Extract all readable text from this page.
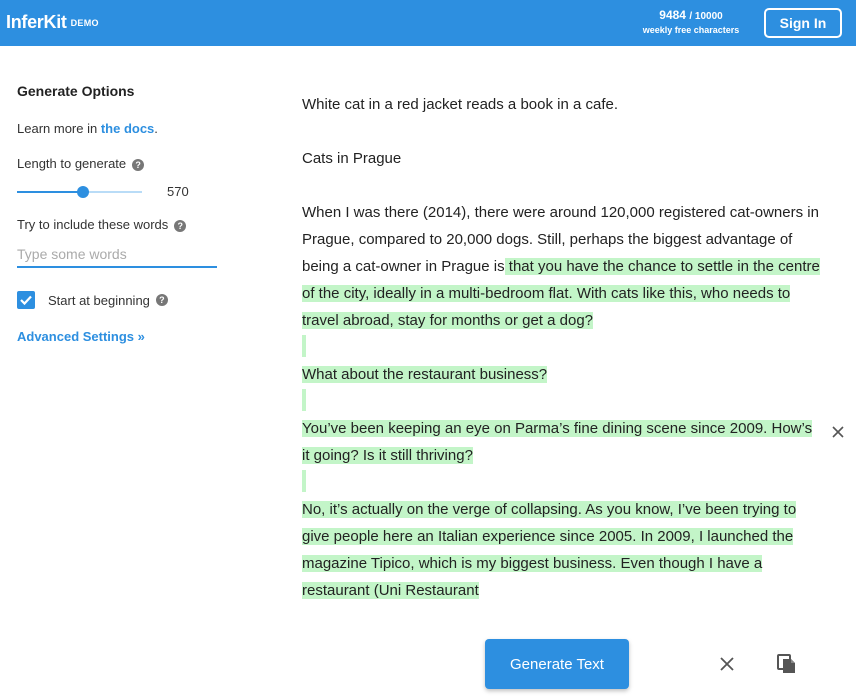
InferKit DEMO
9484 / 10000
weekly free characters	Sign In
Generate Options
Learn more in the docs.
Length to generate ?
570
Try to include these words ?
Type some words
Start at beginning	?
Advanced Settings »

White cat in a red jacket reads a book in a cafe.

Cats in Prague

When I was there (2014), there were around 120,000 registered cat-owners in Prague, compared to 20,000 dogs. Still, perhaps the biggest advantage of being a cat-owner in Prague is that you have the chance to settle in the centre of the city, ideally in a multi-bedroom flat. With cats like this, who needs to travel abroad, stay for months or get a dog?

What about the restaurant business?

You’ve been keeping an eye on Parma’s fine dining scene since 2009. How’s it going? Is it still thriving?

No, it’s actually on the verge of collapsing. As you know, I’ve been trying to give people here an Italian experience since 2005. In 2009, I launched the magazine Tipico, which is my biggest business. Even though I have a restaurant (Uni Restaurant

Generate Text
